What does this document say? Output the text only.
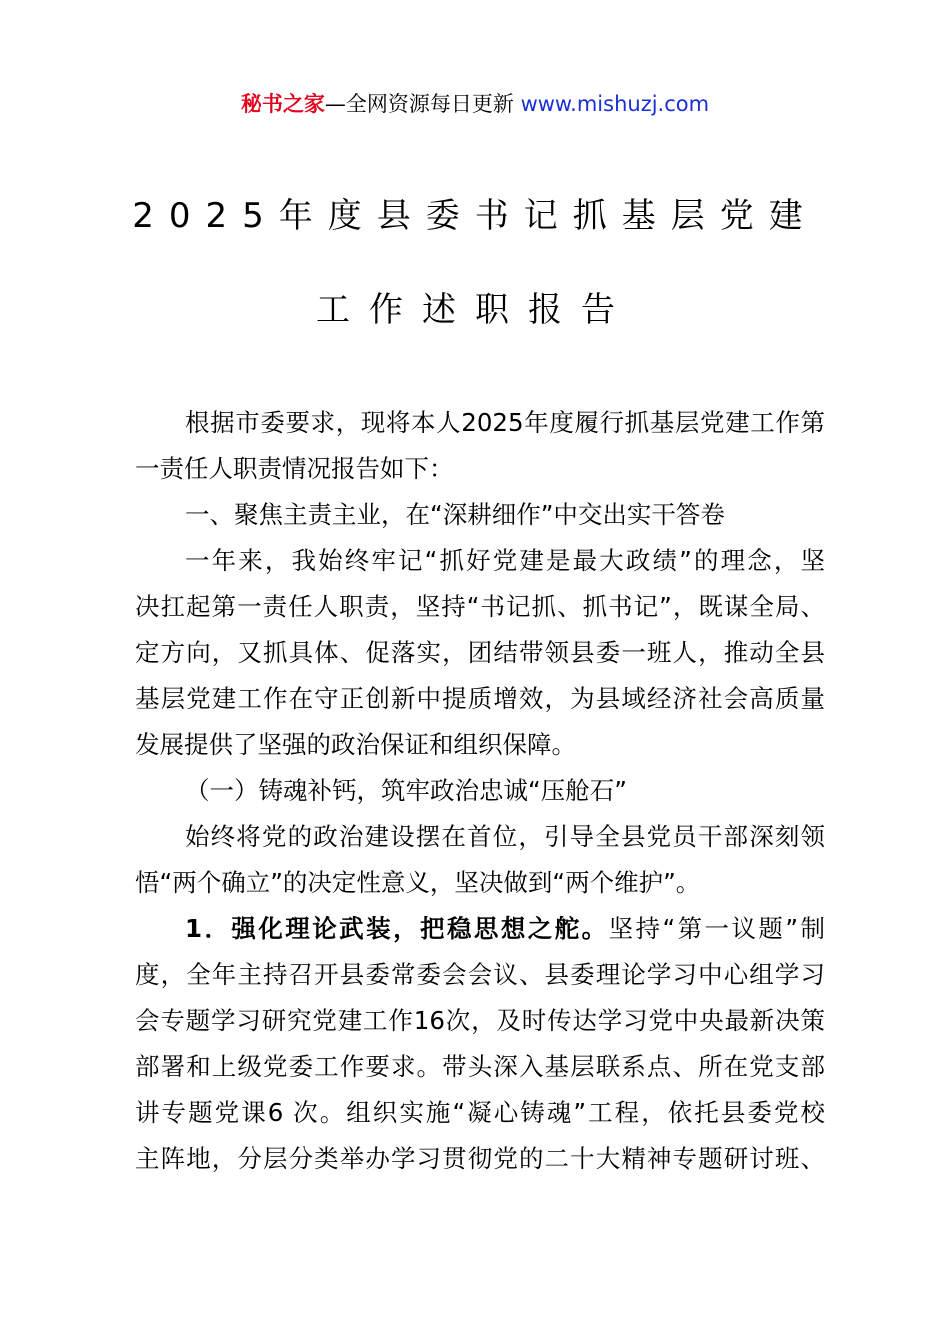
秘书之家—全网资源每日更新 www.mishuzj.com
2025年度县委书记抓基层党建
工作述职报告
根据市委要求，现将本人2025年度履行抓基层党建工作第
一责任人职责情况报告如下：
一、聚焦主责主业，在“深耕细作”中交出实干答卷
一年来，我始终牢记“抓好党建是最大政绩”的理念，坚
决扛起第一责任人职责，坚持“书记抓、抓书记”，既谋全局、
定方向，又抓具体、促落实，团结带领县委一班人，推动全县
基层党建工作在守正创新中提质增效，为县域经济社会高质量
发展提供了坚强的政治保证和组织保障。
（一）铸魂补钙，筑牢政治忠诚“压舱石”
始终将党的政治建设摆在首位，引导全县党员干部深刻领
悟“两个确立”的决定性意义，坚决做到“两个维护”。
1．强化理论武装，把稳思想之舵。坚持“第一议题”制
度，全年主持召开县委常委会会议、县委理论学习中心组学习
会专题学习研究党建工作16次，及时传达学习党中央最新决策
部署和上级党委工作要求。带头深入基层联系点、所在党支部
讲专题党课6 次。组织实施“凝心铸魂”工程，依托县委党校
主阵地，分层分类举办学习贯彻党的二十大精神专题研讨班、
